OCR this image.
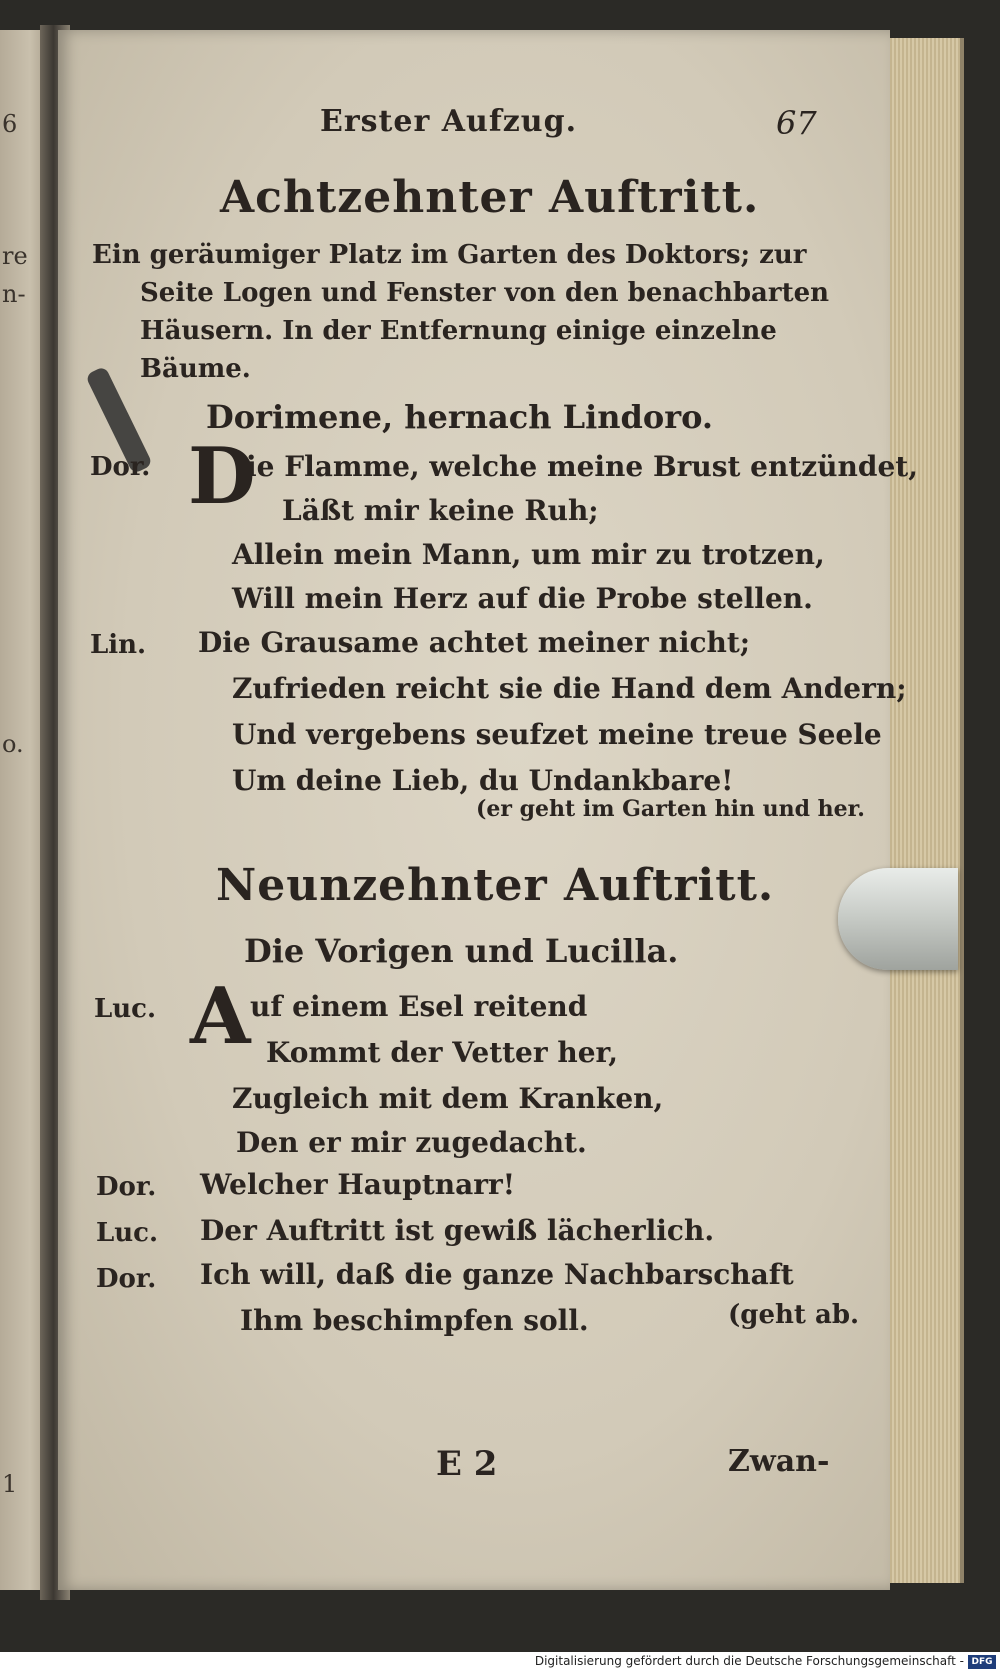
6
re
n-
o.
1
Erster Aufzug.	67
Achtzehnter Auftritt.
Ein geräumiger Platz im Garten des Doktors; zur
Seite Logen und Fenster von den benachbarten
Häusern. In der Entfernung einige einzelne
Bäume.
Dorimene, hernach Lindoro.
Dor. D
ie Flamme, welche meine Brust entzündet,
Läßt mir keine Ruh;
Allein mein Mann, um mir zu trotzen,
Will mein Herz auf die Probe stellen.
Lin. Die Grausame achtet meiner nicht;
Zufrieden reicht sie die Hand dem Andern;
Und vergebens seufzet meine treue Seele
Um deine Lieb, du Undankbare!
(er geht im Garten hin und her.
Neunzehnter Auftritt.
Die Vorigen und Lucilla.
Luc. A uf einem Esel reitend
Kommt der Vetter her,
Zugleich mit dem Kranken,
Den er mir zugedacht.
Dor. Welcher Hauptnarr!
Luc. Der Auftritt ist gewiß lächerlich.
Dor. Ich will, daß die ganze Nachbarschaft
Ihm beschimpfen soll.	(geht ab.
E 2	Zwan-
Digitalisierung gefördert durch die Deutsche Forschungsgemeinschaft - DFG
